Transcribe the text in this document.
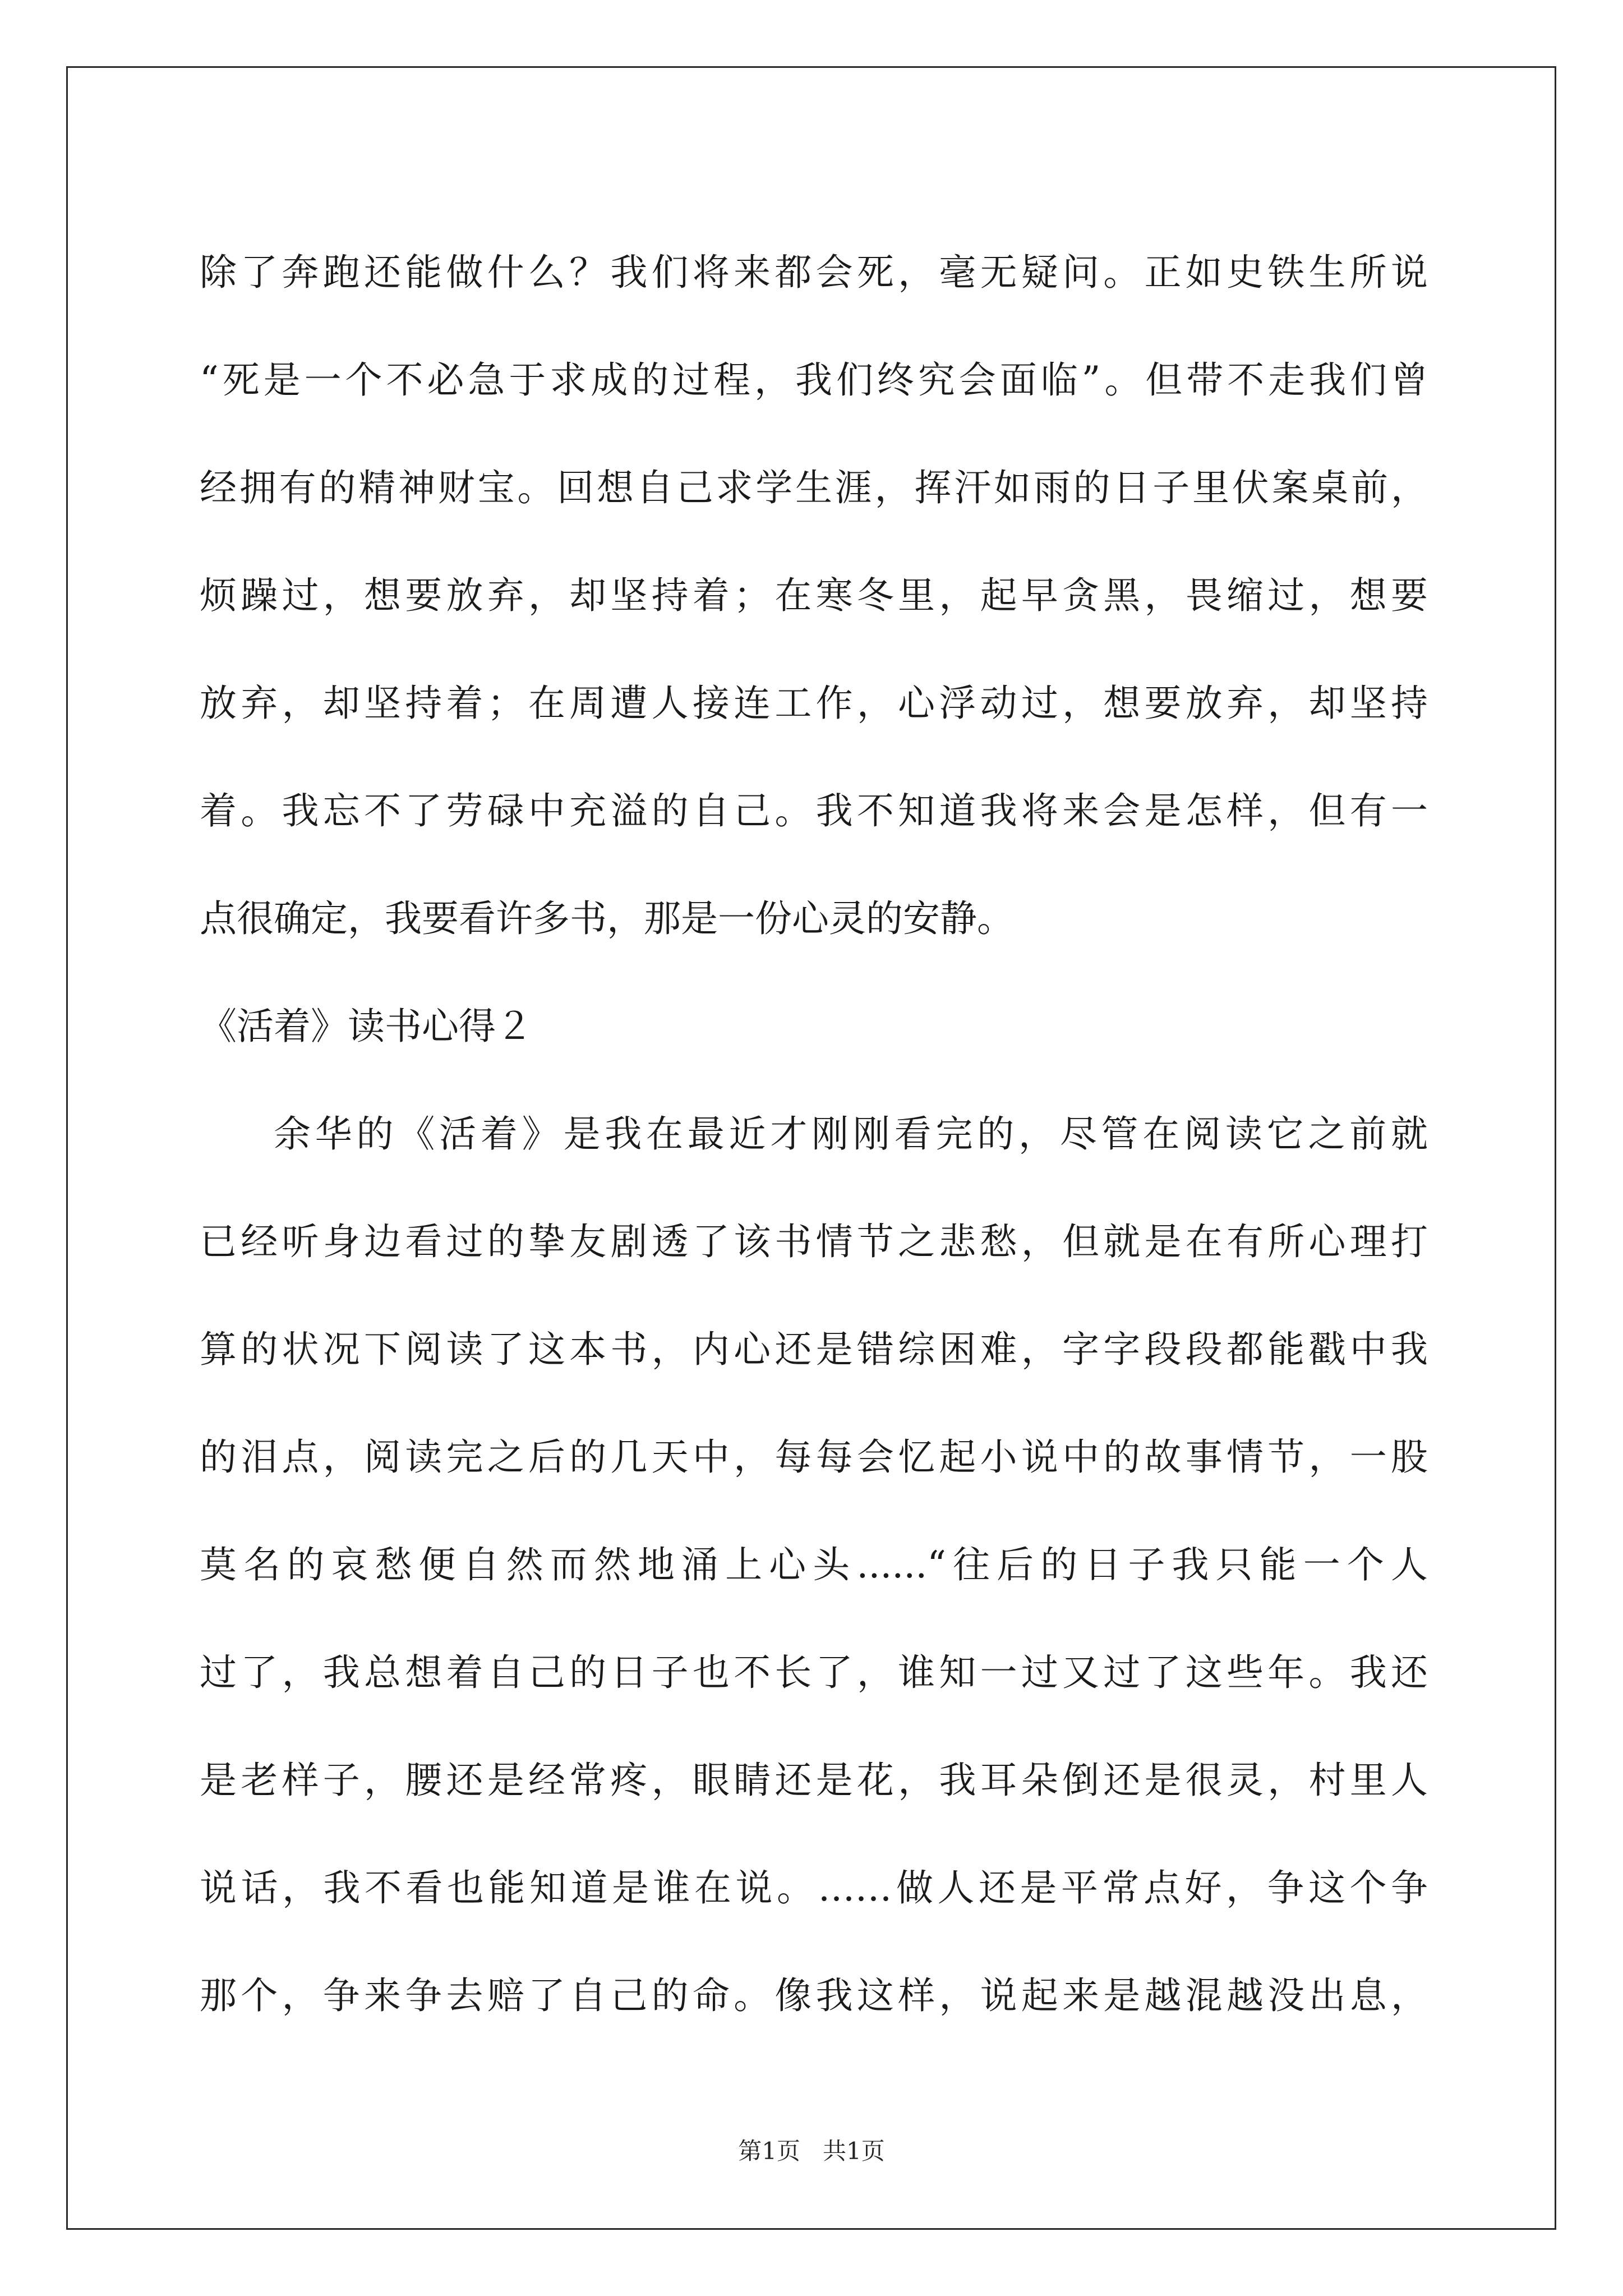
除了奔跑还能做什么？我们将来都会死，毫无疑问。正如史铁生所说
“死是一个不必急于求成的过程，我们终究会面临”。但带不走我们曾
经拥有的精神财宝。回想自己求学生涯，挥汗如雨的日子里伏案桌前，
烦躁过，想要放弃，却坚持着；在寒冬里，起早贪黑，畏缩过，想要
放弃，却坚持着；在周遭人接连工作，心浮动过，想要放弃，却坚持
着。我忘不了劳碌中充溢的自己。我不知道我将来会是怎样，但有一
点很确定，我要看许多书，那是一份心灵的安静。
《活着》读书心得２
余华的《活着》是我在最近才刚刚看完的，尽管在阅读它之前就
已经听身边看过的挚友剧透了该书情节之悲愁，但就是在有所心理打
算的状况下阅读了这本书，内心还是错综困难，字字段段都能戳中我
的泪点，阅读完之后的几天中，每每会忆起小说中的故事情节，一股
莫名的哀愁便自然而然地涌上心头......“往后的日子我只能一个人
过了，我总想着自己的日子也不长了，谁知一过又过了这些年。我还
是老样子，腰还是经常疼，眼睛还是花，我耳朵倒还是很灵，村里人
说话，我不看也能知道是谁在说。……做人还是平常点好，争这个争
那个，争来争去赔了自己的命。像我这样，说起来是越混越没出息，
第1页 共1页
